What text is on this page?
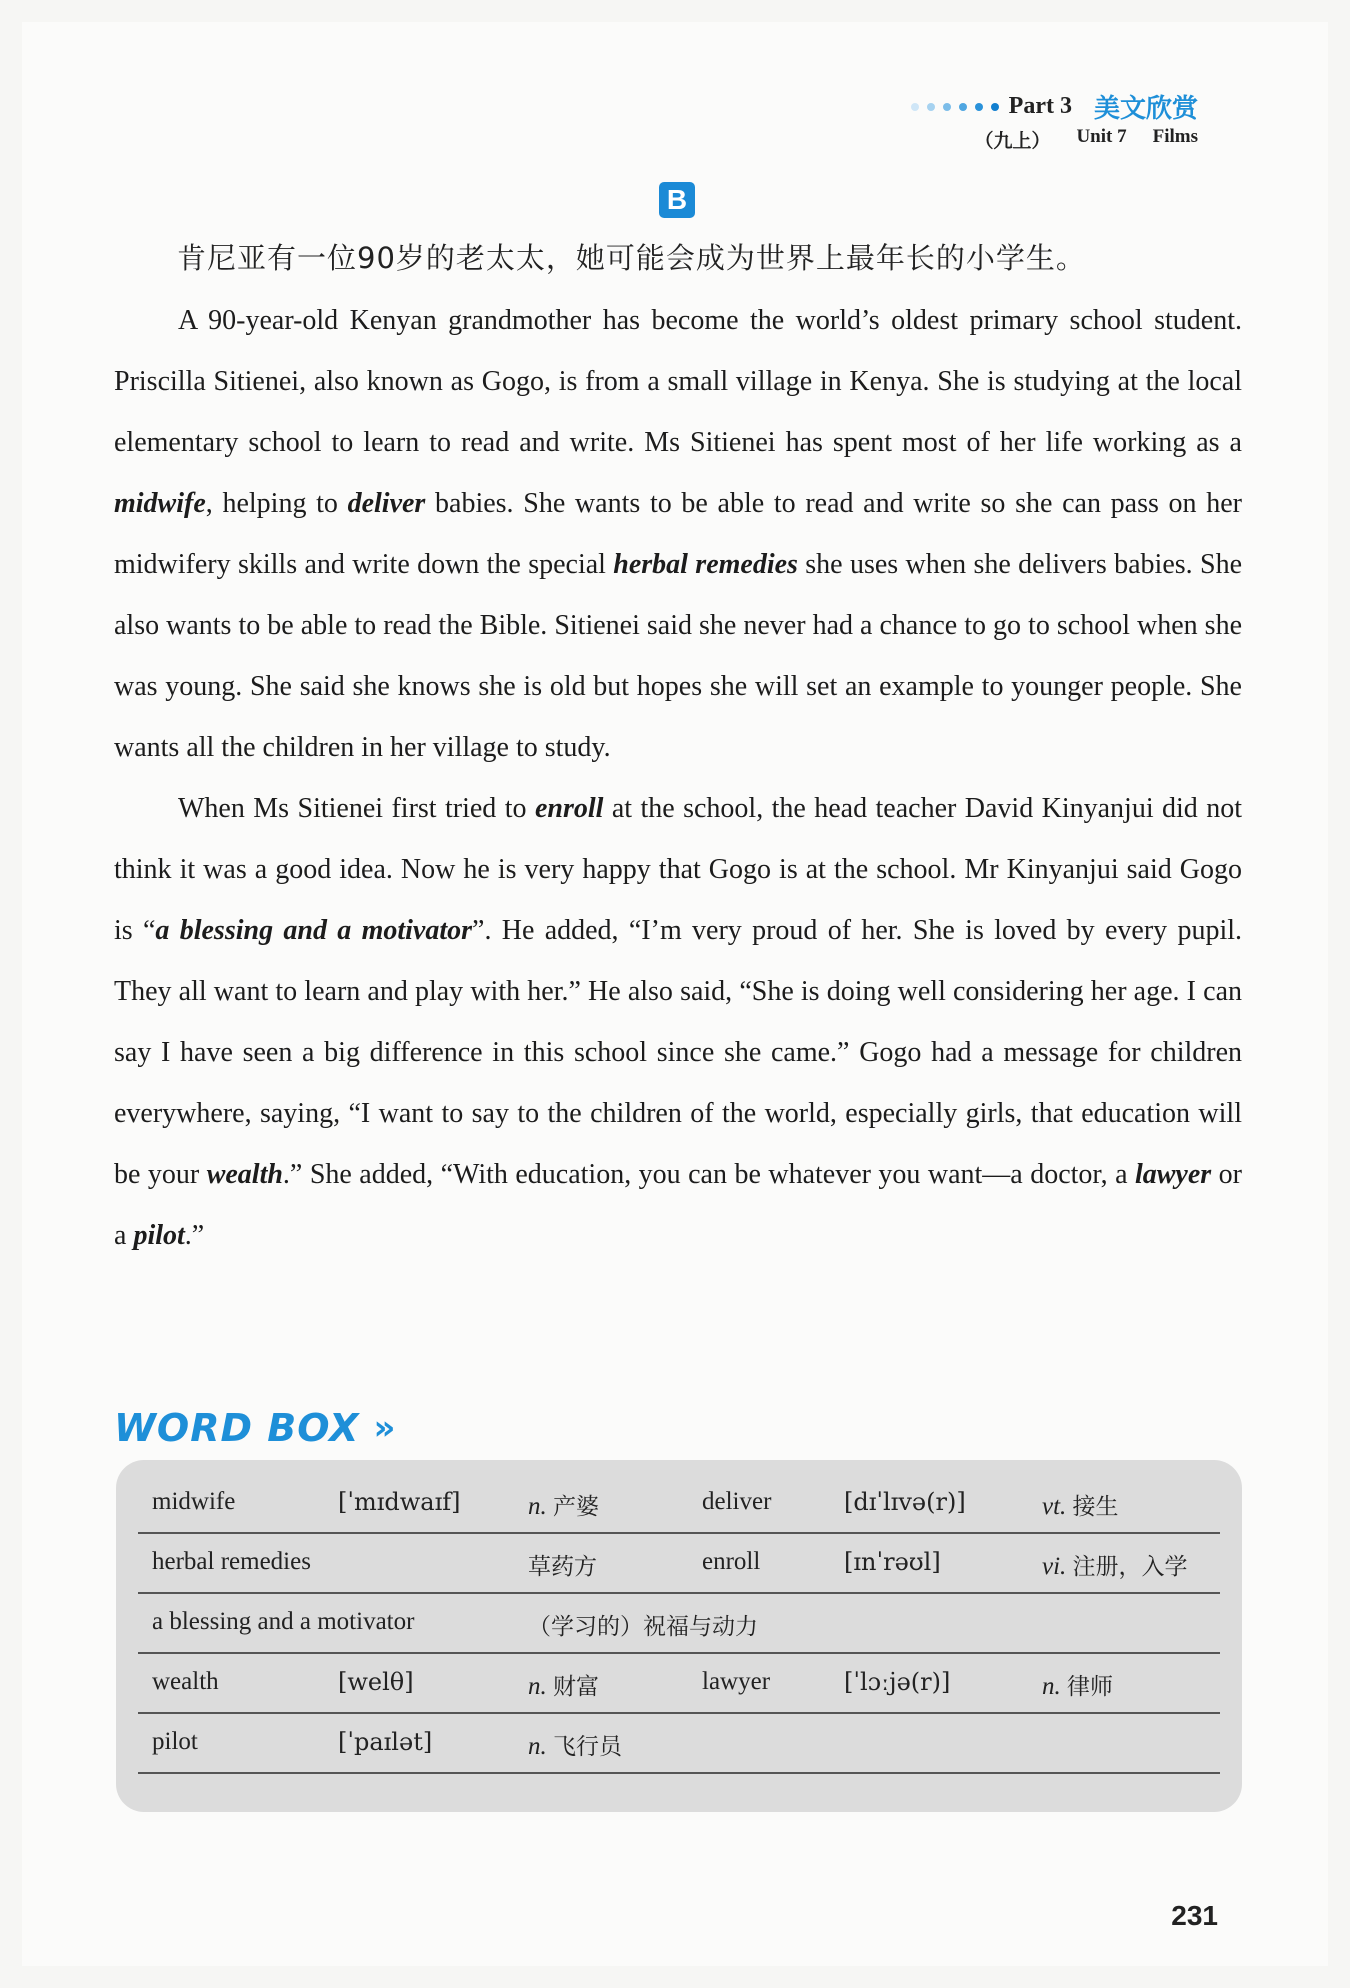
Part 3 美文欣赏
（九上） Unit 7 Films
B
肯尼亚有一位90岁的老太太，她可能会成为世界上最年长的小学生。

A 90-year-old Kenyan grandmother has become the world’s oldest primary school student. Priscilla Sitienei, also known as Gogo, is from a small village in Kenya. She is studying at the local elementary school to learn to read and write. Ms Sitienei has spent most of her life working as a midwife, helping to deliver babies. She wants to be able to read and write so she can pass on her midwifery skills and write down the special herbal remedies she uses when she delivers babies. She also wants to be able to read the Bible. Sitienei said she never had a chance to go to school when she was young. She said she knows she is old but hopes she will set an example to younger people. She wants all the children in her village to study.

When Ms Sitienei first tried to enroll at the school, the head teacher David Kinyanjui did not think it was a good idea. Now he is very happy that Gogo is at the school. Mr Kinyanjui said Gogo is “a blessing and a motivator”. He added, “I’m very proud of her. She is loved by every pupil. They all want to learn and play with her.” He also said, “She is doing well considering her age. I can say I have seen a big difference in this school since she came.” Gogo had a message for children everywhere, saying, “I want to say to the children of the world, especially girls, that education will be your wealth.” She added, “With education, you can be whatever you want—a doctor, a lawyer or a pilot.”

WORD BOX »
midwife	[ˈmɪdwaɪf]	n. 产婆	deliver	[dɪˈlɪvə(r)]	vt. 接生
herbal remedies	草药方	enroll	[ɪnˈrəʊl]	vi. 注册，入学
a blessing and a motivator	（学习的）祝福与动力
wealth	[welθ]	n. 财富	lawyer	[ˈlɔːjə(r)]	n. 律师
pilot	[ˈpaɪlət]	n. 飞行员
231
